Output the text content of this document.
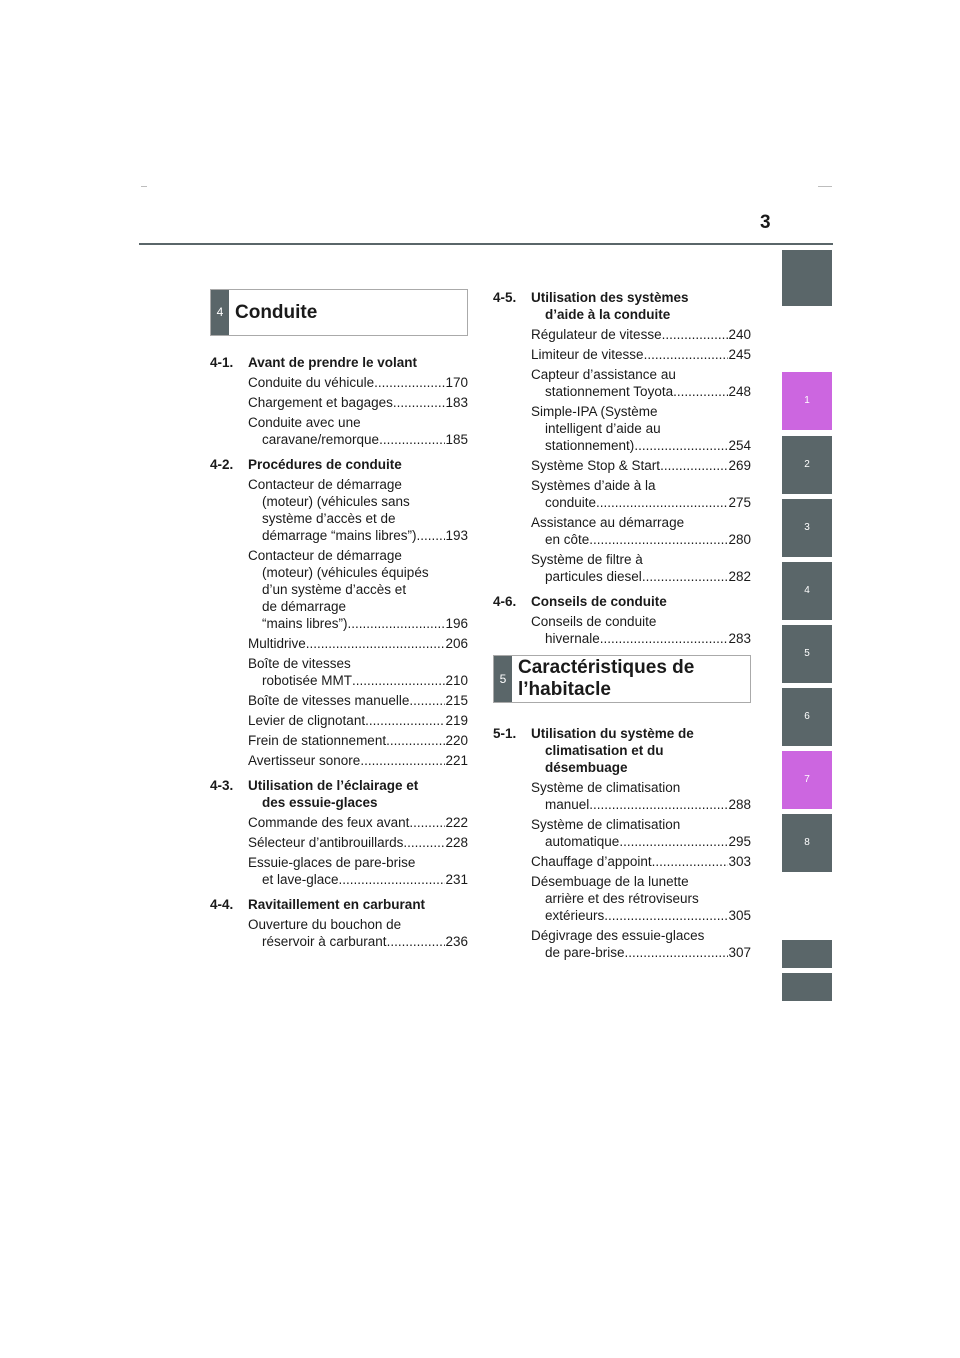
3
1
2
3
4
5
6
7
8
4 Conduite
4-1.	Avant de prendre le volant
Conduite du véhicule .....	170
Chargement et bagages .....	183
Conduite avec une
caravane/remorque .....	185
4-2.	Procédures de conduite
Contacteur de démarrage
(moteur) (véhicules sans
système d’accès et de
démarrage “mains libres”) ..... 193
Contacteur de démarrage
(moteur) (véhicules équipés
d’un système d’accès et
de démarrage
“mains libres”) .....	196
Multidrive .....	206
Boîte de vitesses
robotisée MMT .....	210
Boîte de vitesses manuelle .....	215
Levier de clignotant .....	219
Frein de stationnement .....	220
Avertisseur sonore .....	221
4-3.	Utilisation de l’éclairage et
des essuie-glaces
Commande des feux avant .....	222
Sélecteur d’antibrouillards .....	228
Essuie-glaces de pare-brise
et lave-glace .....	231
4-4.	Ravitaillement en carburant
Ouverture du bouchon de
réservoir à carburant .....	236
4-5.	Utilisation des systèmes
d’aide à la conduite
Régulateur de vitesse .....	240
Limiteur de vitesse .....	245
Capteur d’assistance au
stationnement Toyota .....	248
Simple-IPA (Système
intelligent d’aide au
stationnement) .....	254
Système Stop & Start .....	269
Systèmes d’aide à la
conduite .....	275
Assistance au démarrage
en côte .....	280
Système de filtre à
particules diesel .....	282
4-6.	Conseils de conduite
Conseils de conduite
hivernale .....	283
5
Caractéristiques de
l’habitacle
5-1.	Utilisation du système de
climatisation et du
désembuage
Système de climatisation
manuel .....	288
Système de climatisation
automatique .....	295
Chauffage d’appoint .....	303
Désembuage de la lunette
arrière et des rétroviseurs
extérieurs .....	305
Dégivrage des essuie-glaces
de pare-brise .....	307
